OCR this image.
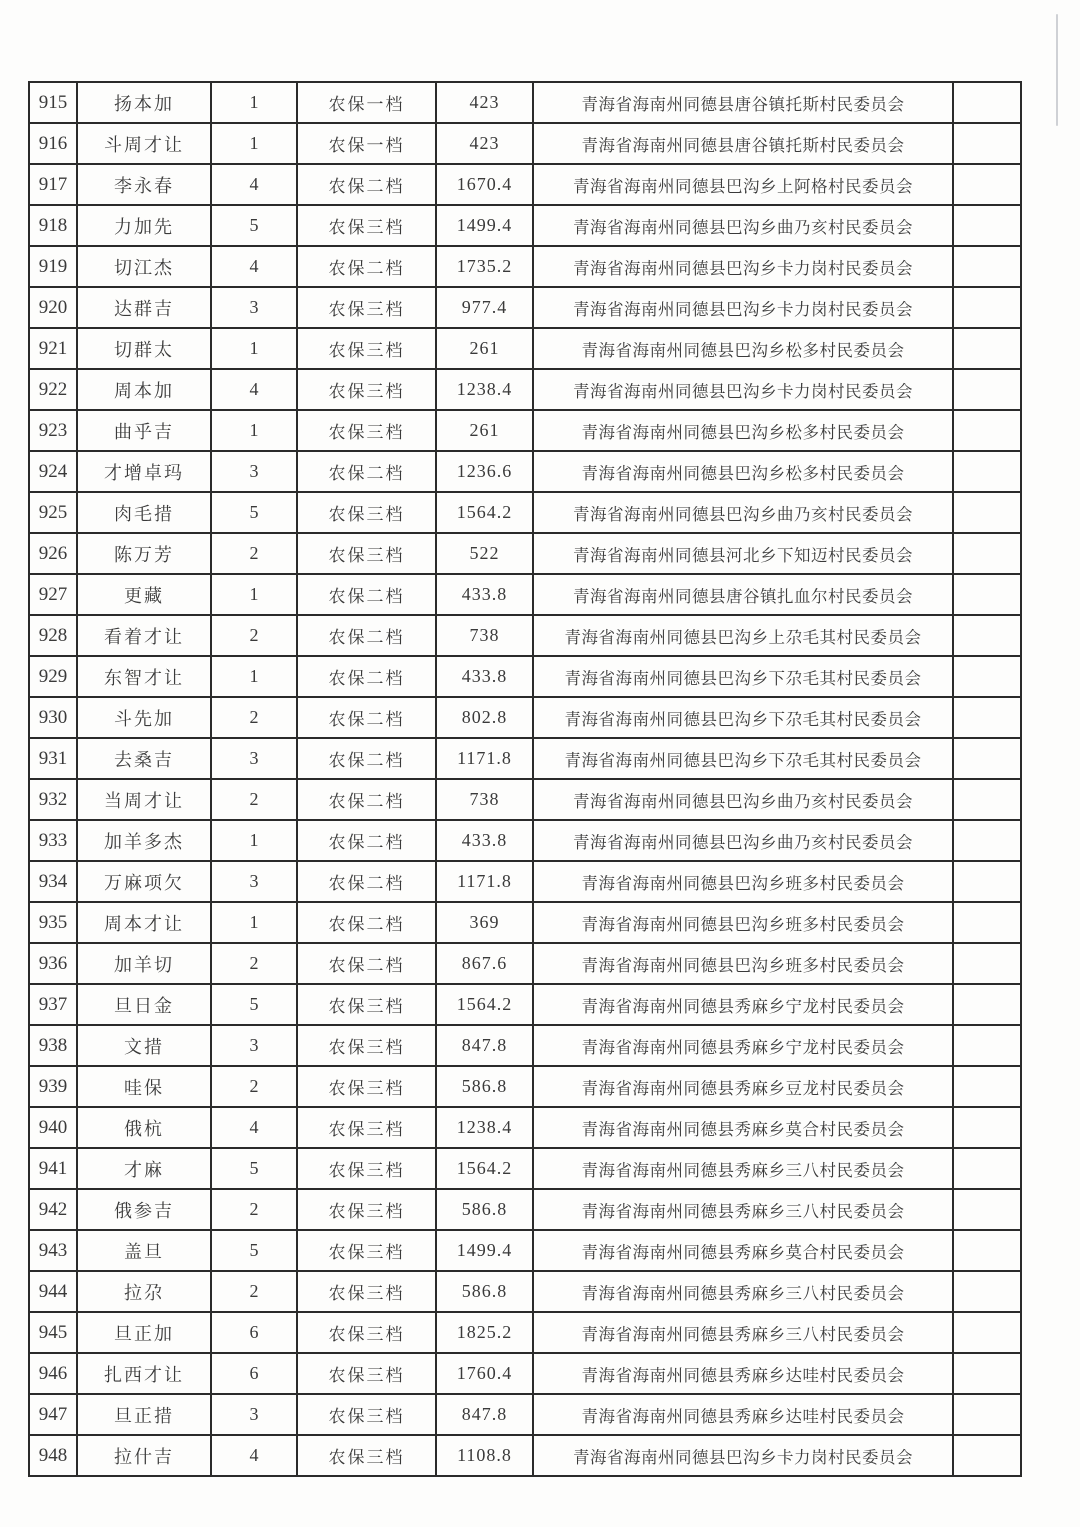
915	扬本加	1	农保一档	423	青海省海南州同德县唐谷镇托斯村民委员会
916	斗周才让	1	农保一档	423	青海省海南州同德县唐谷镇托斯村民委员会
917	李永春	4	农保二档	1670.4	青海省海南州同德县巴沟乡上阿格村民委员会
918	力加先	5	农保三档	1499.4	青海省海南州同德县巴沟乡曲乃亥村民委员会
919	切江杰	4	农保二档	1735.2	青海省海南州同德县巴沟乡卡力岗村民委员会
920	达群吉	3	农保三档	977.4	青海省海南州同德县巴沟乡卡力岗村民委员会
921	切群太	1	农保三档	261	青海省海南州同德县巴沟乡松多村民委员会
922	周本加	4	农保三档	1238.4	青海省海南州同德县巴沟乡卡力岗村民委员会
923	曲乎吉	1	农保三档	261	青海省海南州同德县巴沟乡松多村民委员会
924	才增卓玛	3	农保二档	1236.6	青海省海南州同德县巴沟乡松多村民委员会
925	肉毛措	5	农保三档	1564.2	青海省海南州同德县巴沟乡曲乃亥村民委员会
926	陈万芳	2	农保三档	522	青海省海南州同德县河北乡下知迈村民委员会
927	更藏	1	农保二档	433.8	青海省海南州同德县唐谷镇扎血尔村民委员会
928	看着才让	2	农保二档	738	青海省海南州同德县巴沟乡上尕毛其村民委员会
929	东智才让	1	农保二档	433.8	青海省海南州同德县巴沟乡下尕毛其村民委员会
930	斗先加	2	农保二档	802.8	青海省海南州同德县巴沟乡下尕毛其村民委员会
931	去桑吉	3	农保二档	1171.8	青海省海南州同德县巴沟乡下尕毛其村民委员会
932	当周才让	2	农保二档	738	青海省海南州同德县巴沟乡曲乃亥村民委员会
933	加羊多杰	1	农保二档	433.8	青海省海南州同德县巴沟乡曲乃亥村民委员会
934	万麻项欠	3	农保二档	1171.8	青海省海南州同德县巴沟乡班多村民委员会
935	周本才让	1	农保二档	369	青海省海南州同德县巴沟乡班多村民委员会
936	加羊切	2	农保二档	867.6	青海省海南州同德县巴沟乡班多村民委员会
937	旦日金	5	农保三档	1564.2	青海省海南州同德县秀麻乡宁龙村民委员会
938	文措	3	农保三档	847.8	青海省海南州同德县秀麻乡宁龙村民委员会
939	哇保	2	农保三档	586.8	青海省海南州同德县秀麻乡豆龙村民委员会
940	俄杭	4	农保三档	1238.4	青海省海南州同德县秀麻乡莫合村民委员会
941	才麻	5	农保三档	1564.2	青海省海南州同德县秀麻乡三八村民委员会
942	俄参吉	2	农保三档	586.8	青海省海南州同德县秀麻乡三八村民委员会
943	盖旦	5	农保三档	1499.4	青海省海南州同德县秀麻乡莫合村民委员会
944	拉尕	2	农保三档	586.8	青海省海南州同德县秀麻乡三八村民委员会
945	旦正加	6	农保三档	1825.2	青海省海南州同德县秀麻乡三八村民委员会
946	扎西才让	6	农保三档	1760.4	青海省海南州同德县秀麻乡达哇村民委员会
947	旦正措	3	农保三档	847.8	青海省海南州同德县秀麻乡达哇村民委员会
948	拉什吉	4	农保三档	1108.8	青海省海南州同德县巴沟乡卡力岗村民委员会
